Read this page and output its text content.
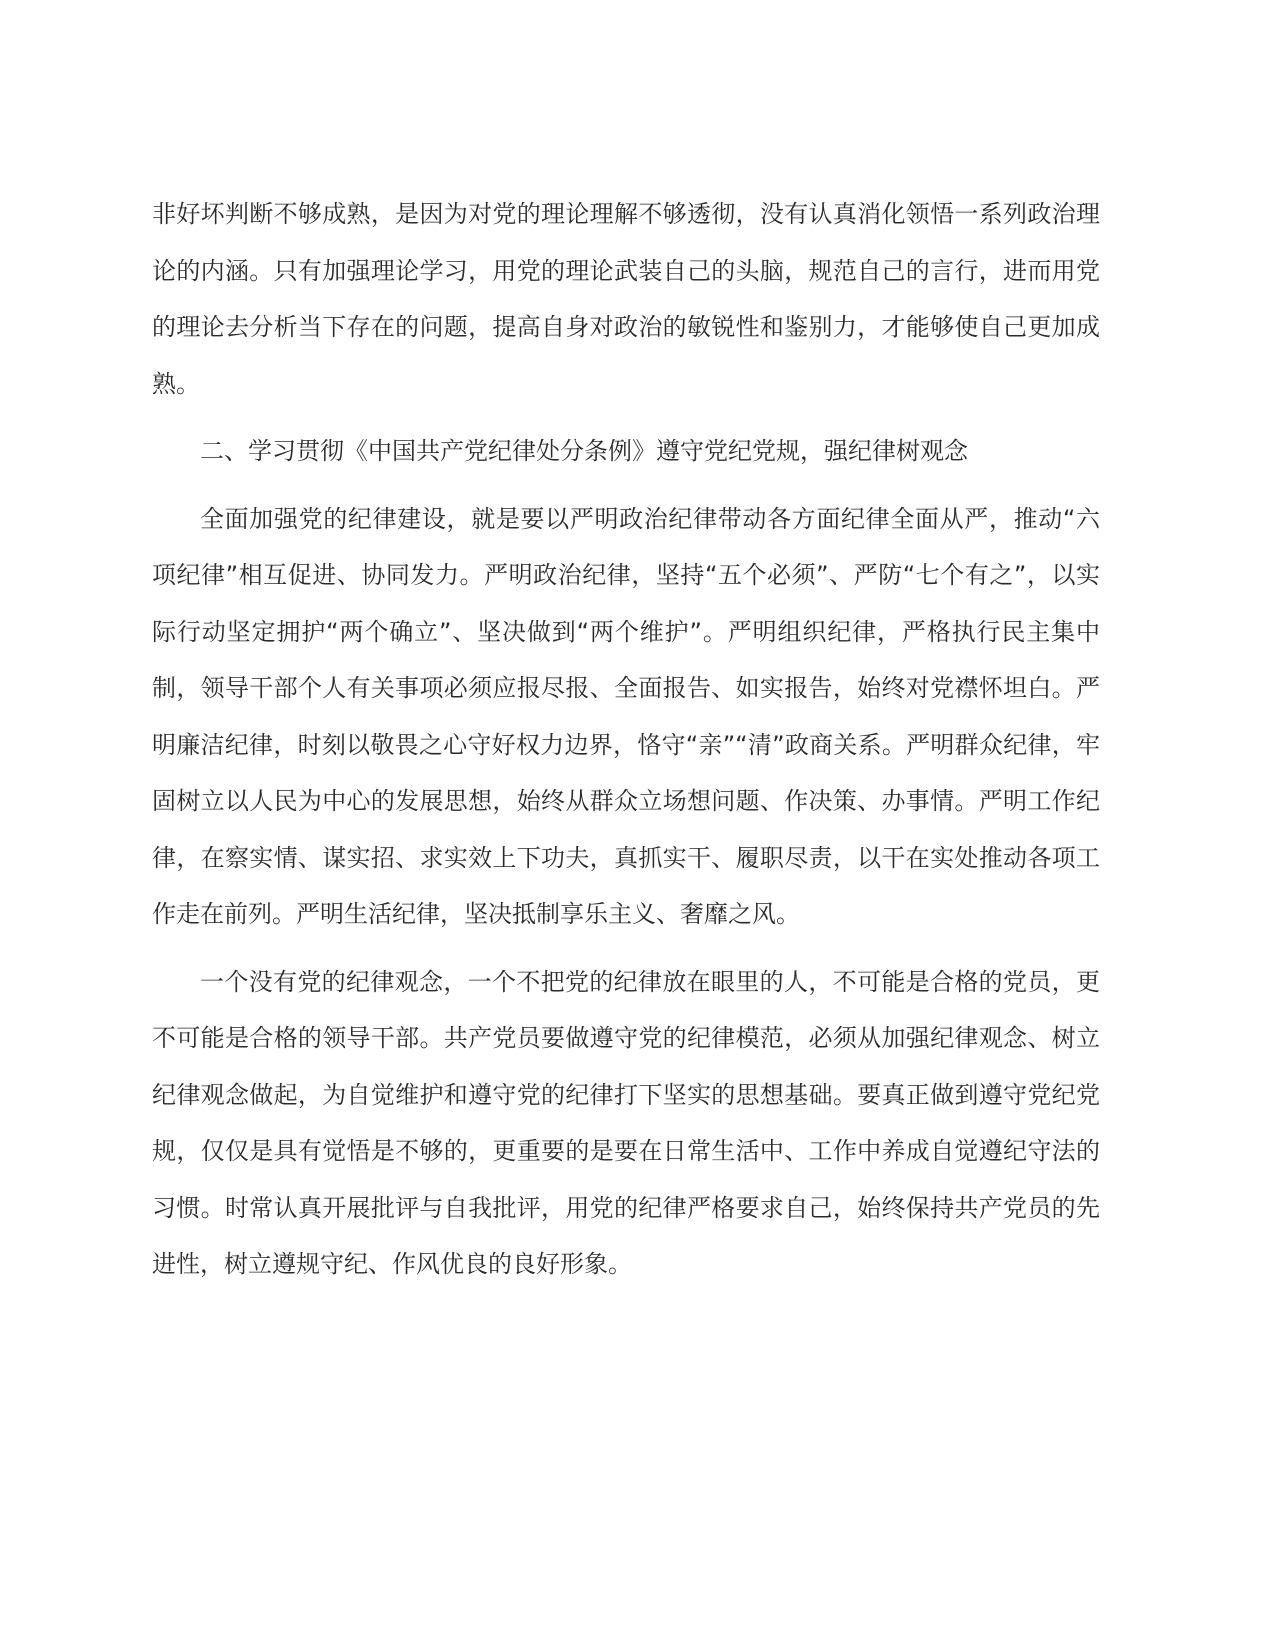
非好坏判断不够成熟，是因为对党的理论理解不够透彻，没有认真消化领悟一系列政治理论的内涵。只有加强理论学习，用党的理论武装自己的头脑，规范自己的言行，进而用党的理论去分析当下存在的问题，提高自身对政治的敏锐性和鉴别力，才能够使自己更加成熟。

二、学习贯彻《中国共产党纪律处分条例》遵守党纪党规，强纪律树观念

全面加强党的纪律建设，就是要以严明政治纪律带动各方面纪律全面从严，推动“六项纪律”相互促进、协同发力。严明政治纪律，坚持“五个必须”、严防“七个有之”，以实际行动坚定拥护“两个确立”、坚决做到“两个维护”。严明组织纪律，严格执行民主集中制，领导干部个人有关事项必须应报尽报、全面报告、如实报告，始终对党襟怀坦白。严明廉洁纪律，时刻以敬畏之心守好权力边界，恪守“亲”“清”政商关系。严明群众纪律，牢固树立以人民为中心的发展思想，始终从群众立场想问题、作决策、办事情。严明工作纪律，在察实情、谋实招、求实效上下功夫，真抓实干、履职尽责，以干在实处推动各项工作走在前列。严明生活纪律，坚决抵制享乐主义、奢靡之风。

一个没有党的纪律观念，一个不把党的纪律放在眼里的人，不可能是合格的党员，更不可能是合格的领导干部。共产党员要做遵守党的纪律模范，必须从加强纪律观念、树立纪律观念做起，为自觉维护和遵守党的纪律打下坚实的思想基础。要真正做到遵守党纪党规，仅仅是具有觉悟是不够的，更重要的是要在日常生活中、工作中养成自觉遵纪守法的习惯。时常认真开展批评与自我批评，用党的纪律严格要求自己，始终保持共产党员的先进性，树立遵规守纪、作风优良的良好形象。
